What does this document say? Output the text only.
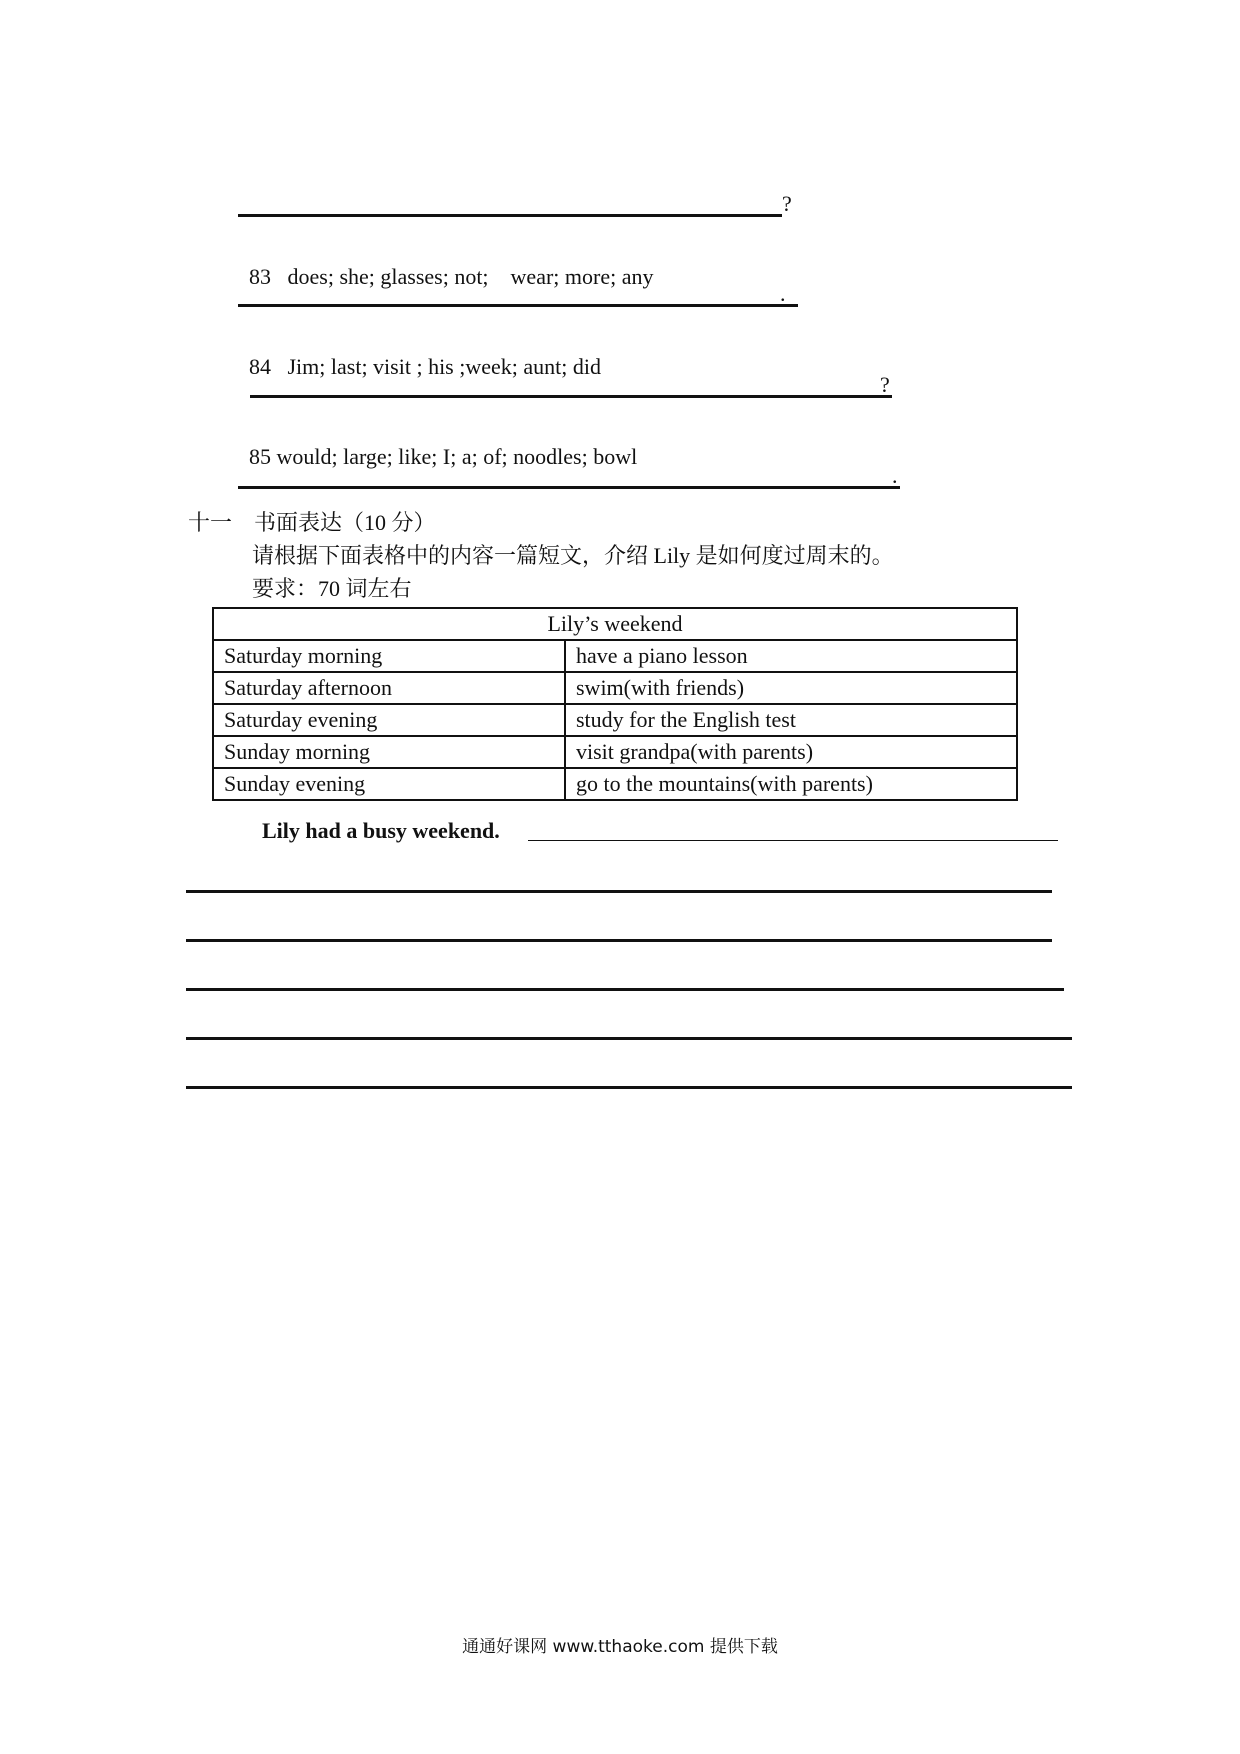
?

83 does; she; glasses; not;    wear; more; any

.

84 Jim; last; visit ; his ;week; aunt; did

?

85 would; large; like; I; a; of; noodles; bowl

.
十一    书面表达（10 分）
请根据下面表格中的内容一篇短文，介绍 Lily 是如何度过周末的。
要求：70 词左右
Lily’s weekend	
Saturday morning	have a piano lesson
Saturday afternoon	swim(with friends)
Saturday evening	study for the English test
Sunday morning	visit grandpa(with parents)
Sunday evening	go to the mountains(with parents)
Lily had a busy weekend.
通通好课网 www.tthaoke.com 提供下载
